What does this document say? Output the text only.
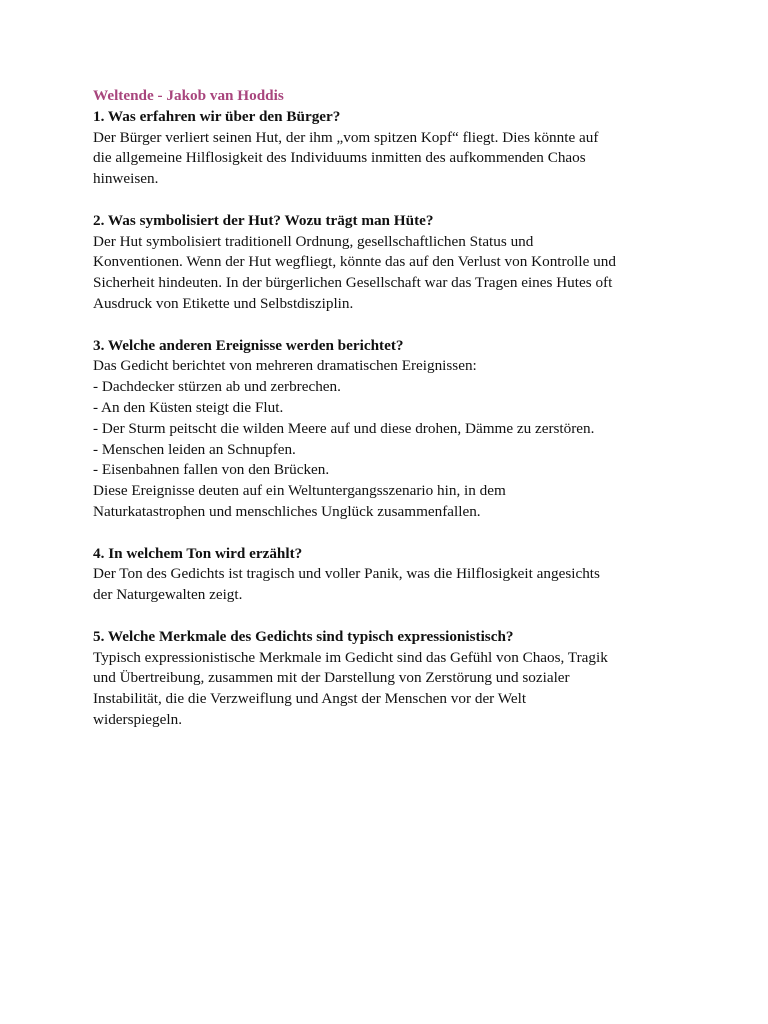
Weltende - Jakob van Hoddis
1. Was erfahren wir über den Bürger?
Der Bürger verliert seinen Hut, der ihm „vom spitzen Kopf“ fliegt. Dies könnte auf
die allgemeine Hilflosigkeit des Individuums inmitten des aufkommenden Chaos
hinweisen.
2. Was symbolisiert der Hut? Wozu trägt man Hüte?
Der Hut symbolisiert traditionell Ordnung, gesellschaftlichen Status und
Konventionen. Wenn der Hut wegfliegt, könnte das auf den Verlust von Kontrolle und
Sicherheit hindeuten. In der bürgerlichen Gesellschaft war das Tragen eines Hutes oft
Ausdruck von Etikette und Selbstdisziplin.
3. Welche anderen Ereignisse werden berichtet?
Das Gedicht berichtet von mehreren dramatischen Ereignissen:
- Dachdecker stürzen ab und zerbrechen.
- An den Küsten steigt die Flut.
- Der Sturm peitscht die wilden Meere auf und diese drohen, Dämme zu zerstören.
- Menschen leiden an Schnupfen.
- Eisenbahnen fallen von den Brücken.
Diese Ereignisse deuten auf ein Weltuntergangsszenario hin, in dem
Naturkatastrophen und menschliches Unglück zusammenfallen.
4. In welchem Ton wird erzählt?
Der Ton des Gedichts ist tragisch und voller Panik, was die Hilflosigkeit angesichts
der Naturgewalten zeigt.
5. Welche Merkmale des Gedichts sind typisch expressionistisch?
Typisch expressionistische Merkmale im Gedicht sind das Gefühl von Chaos, Tragik
und Übertreibung, zusammen mit der Darstellung von Zerstörung und sozialer
Instabilität, die die Verzweiflung und Angst der Menschen vor der Welt
widerspiegeln.
